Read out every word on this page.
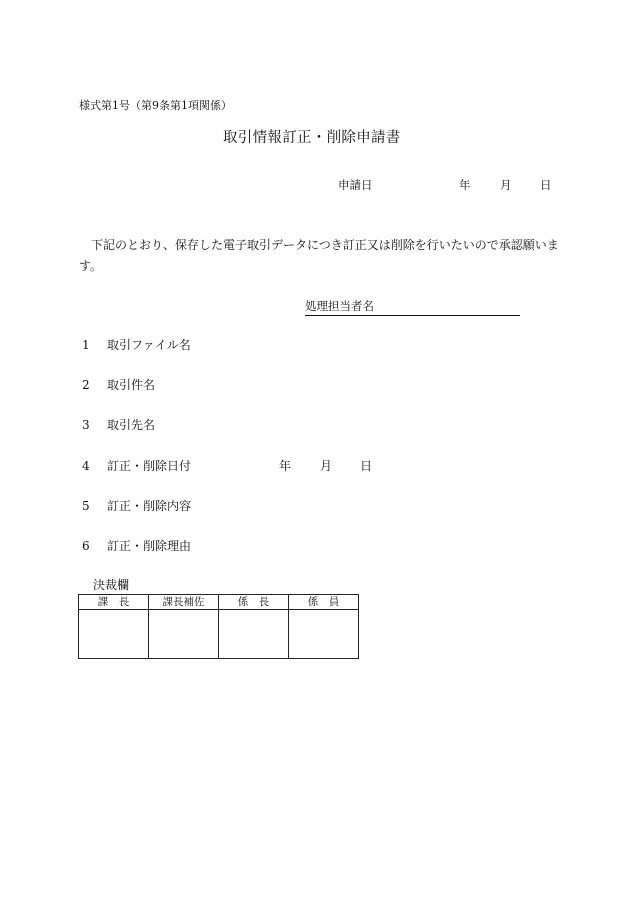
様式第1号（第9条第1項関係）
取引情報訂正・削除申請書
申請日	年	月 日
　下記のとおり、保存した電子取引データにつき訂正又は削除を行いたいので承認願います。
処理担当者名
1 取引ファイル名
2 取引件名
3 取引先名
4 訂正・削除日付	年 月 日
5 訂正・削除内容
6 訂正・削除理由
決裁欄
課　長	課長補佐	係　長	係　員
